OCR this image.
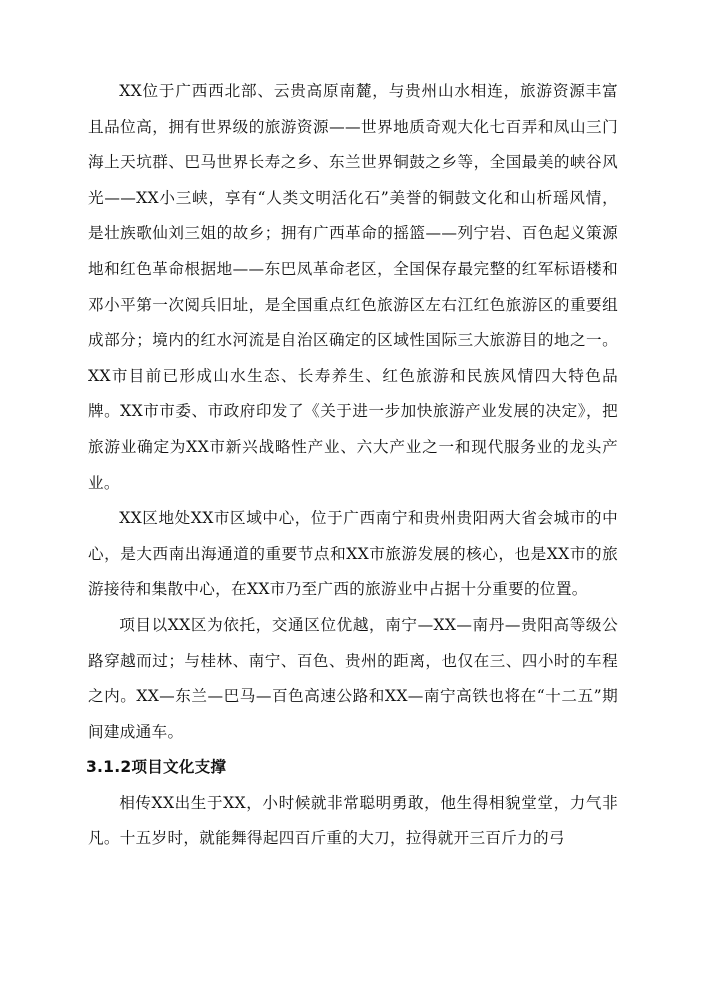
XX位于广西西北部、云贵高原南麓，与贵州山水相连，旅游资源丰富且品位高，拥有世界级的旅游资源——世界地质奇观大化七百弄和凤山三门海上天坑群、巴马世界长寿之乡、东兰世界铜鼓之乡等，全国最美的峡谷风光——XX小三峡，享有“人类文明活化石”美誉的铜鼓文化和山析瑶风情，是壮族歌仙刘三姐的故乡；拥有广西革命的摇篮——列宁岩、百色起义策源地和红色革命根据地——东巴凤革命老区，全国保存最完整的红军标语楼和邓小平第一次阅兵旧址，是全国重点红色旅游区左右江红色旅游区的重要组成部分；境内的红水河流是自治区确定的区域性国际三大旅游目的地之一。XX市目前已形成山水生态、长寿养生、红色旅游和民族风情四大特色品牌。XX市市委、市政府印发了《关于进一步加快旅游产业发展的决定》，把旅游业确定为XX市新兴战略性产业、六大产业之一和现代服务业的龙头产业。

XX区地处XX市区域中心，位于广西南宁和贵州贵阳两大省会城市的中心，是大西南出海通道的重要节点和XX市旅游发展的核心，也是XX市的旅游接待和集散中心，在XX市乃至广西的旅游业中占据十分重要的位置。

项目以XX区为依托，交通区位优越，南宁—XX—南丹—贵阳高等级公路穿越而过；与桂林、南宁、百色、贵州的距离，也仅在三、四小时的车程之内。XX—东兰—巴马—百色高速公路和XX—南宁高铁也将在“十二五”期间建成通车。

3.1.2项目文化支撑

相传XX出生于XX，小时候就非常聪明勇敢，他生得相貌堂堂，力气非凡。十五岁时，就能舞得起四百斤重的大刀，拉得就开三百斤力的弓
